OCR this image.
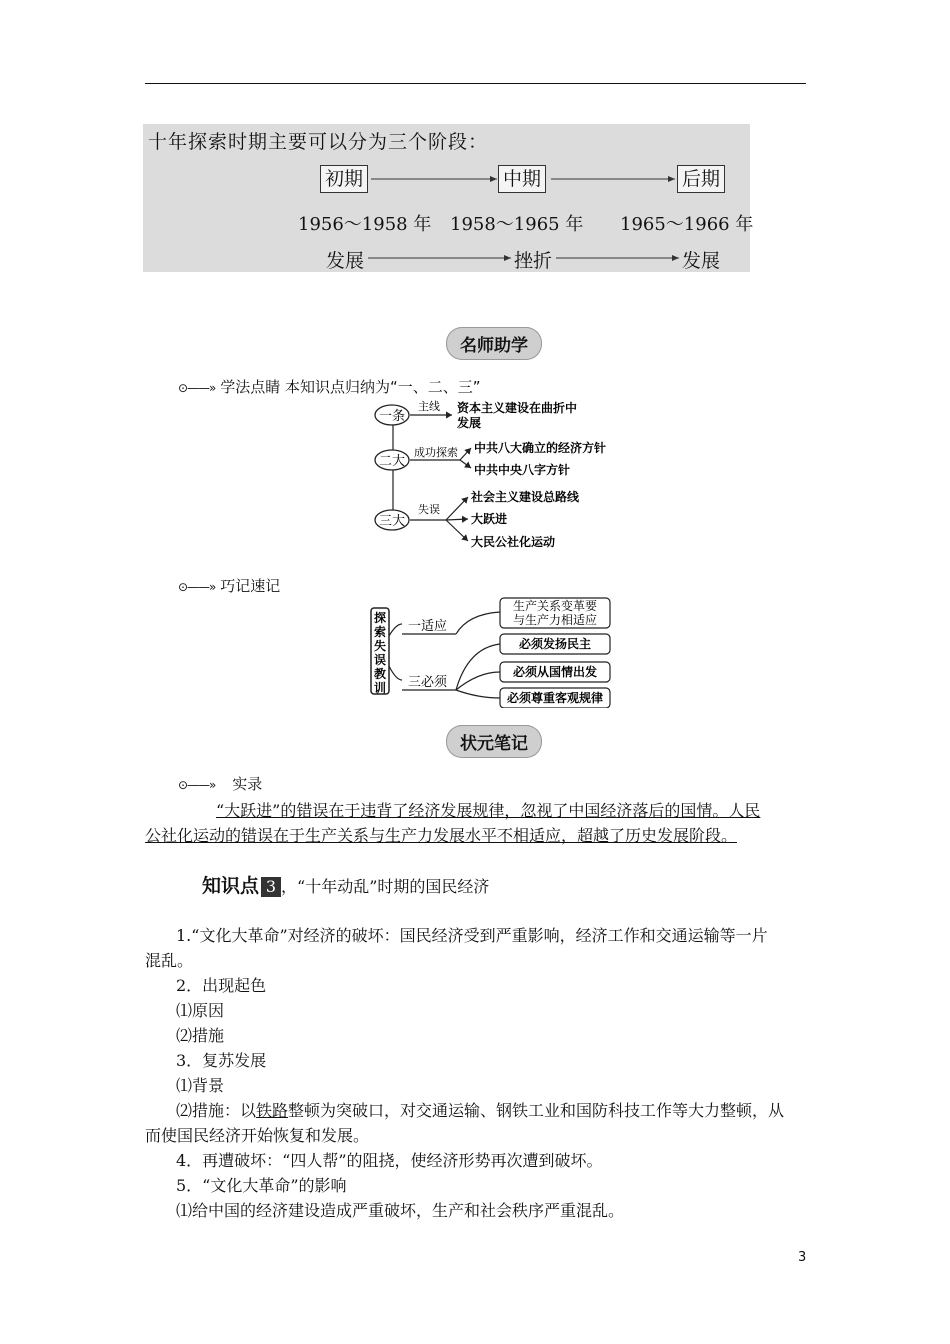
十年探索时期主要可以分为三个阶段：
初期	中期	后期
1956～1958 年 1958～1965 年 1965～1966 年
发展	挫折	发展
名师助学
⊙——» 学法点睛 本知识点归纳为“一、二、三”
一条
二大
三大
主线 资本主义建设在曲折中
发展
成功探索 中共八大确立的经济方针
中共中央八字方针
失误
社会主义建设总路线
大跃进
大民公社化运动
⊙——» 巧记速记
探
索
失
误
教
训
一适应
三必须
生产关系变革要
与生产力相适应
必须发扬民主
必须从国情出发
必须尊重客观规律
状元笔记
⊙——» 实录
“大跃进”的错误在于违背了经济发展规律，忽视了中国经济落后的国情。人民
公社化运动的错误在于生产关系与生产力发展水平不相适应，超越了历史发展阶段。
知识点 3 ，“十年动乱”时期的国民经济
1.“文化大革命”对经济的破坏：国民经济受到严重影响，经济工作和交通运输等一片
混乱。
2．出现起色
⑴原因
⑵措施
3．复苏发展
⑴背景
⑵措施：以铁路整顿为突破口，对交通运输、钢铁工业和国防科技工作等大力整顿，从
而使国民经济开始恢复和发展。
4．再遭破坏：“四人帮”的阻挠，使经济形势再次遭到破坏。
5．“文化大革命”的影响
⑴给中国的经济建设造成严重破坏，生产和社会秩序严重混乱。
3
